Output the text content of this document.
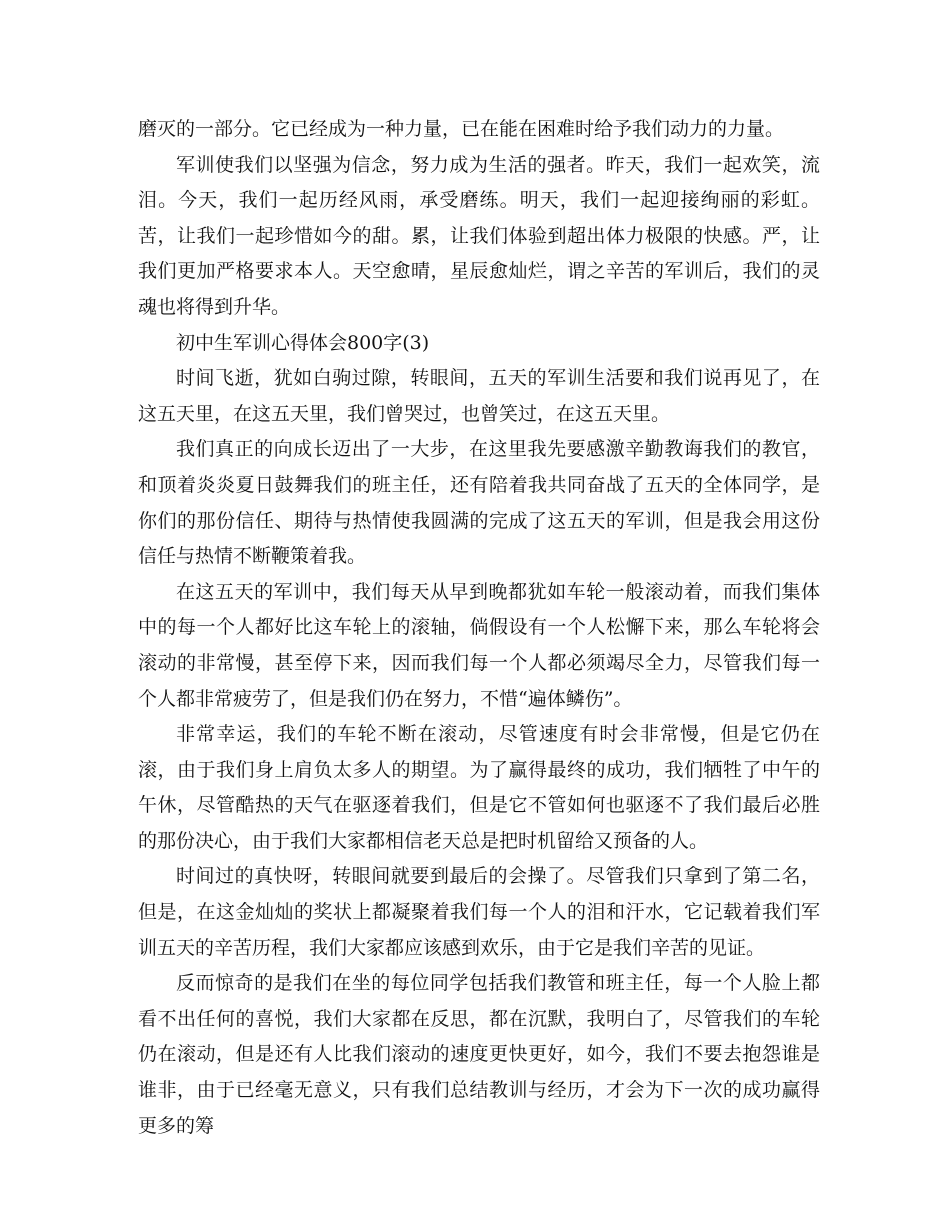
磨灭的一部分。它已经成为一种力量，已在能在困难时给予我们动力的力量。

军训使我们以坚强为信念，努力成为生活的强者。昨天，我们一起欢笑，流泪。今天，我们一起历经风雨，承受磨练。明天，我们一起迎接绚丽的彩虹。苦，让我们一起珍惜如今的甜。累，让我们体验到超出体力极限的快感。严，让我们更加严格要求本人。天空愈晴，星辰愈灿烂，谓之辛苦的军训后，我们的灵魂也将得到升华。

初中生军训心得体会800字(3)

时间飞逝，犹如白驹过隙，转眼间，五天的军训生活要和我们说再见了，在这五天里，在这五天里，我们曾哭过，也曾笑过，在这五天里。

我们真正的向成长迈出了一大步，在这里我先要感激辛勤教诲我们的教官，和顶着炎炎夏日鼓舞我们的班主任，还有陪着我共同奋战了五天的全体同学，是你们的那份信任、期待与热情使我圆满的完成了这五天的军训，但是我会用这份信任与热情不断鞭策着我。

在这五天的军训中，我们每天从早到晚都犹如车轮一般滚动着，而我们集体中的每一个人都好比这车轮上的滚轴，倘假设有一个人松懈下来，那么车轮将会滚动的非常慢，甚至停下来，因而我们每一个人都必须竭尽全力，尽管我们每一个人都非常疲劳了，但是我们仍在努力，不惜“遍体鳞伤”。

非常幸运，我们的车轮不断在滚动，尽管速度有时会非常慢，但是它仍在滚，由于我们身上肩负太多人的期望。为了赢得最终的成功，我们牺牲了中午的午休，尽管酷热的天气在驱逐着我们，但是它不管如何也驱逐不了我们最后必胜的那份决心，由于我们大家都相信老天总是把时机留给又预备的人。

时间过的真快呀，转眼间就要到最后的会操了。尽管我们只拿到了第二名，但是，在这金灿灿的奖状上都凝聚着我们每一个人的泪和汗水，它记载着我们军训五天的辛苦历程，我们大家都应该感到欢乐，由于它是我们辛苦的见证。

反而惊奇的是我们在坐的每位同学包括我们教管和班主任，每一个人脸上都看不出任何的喜悦，我们大家都在反思，都在沉默，我明白了，尽管我们的车轮仍在滚动，但是还有人比我们滚动的速度更快更好，如今，我们不要去抱怨谁是谁非，由于已经毫无意义，只有我们总结教训与经历，才会为下一次的成功赢得更多的筹
